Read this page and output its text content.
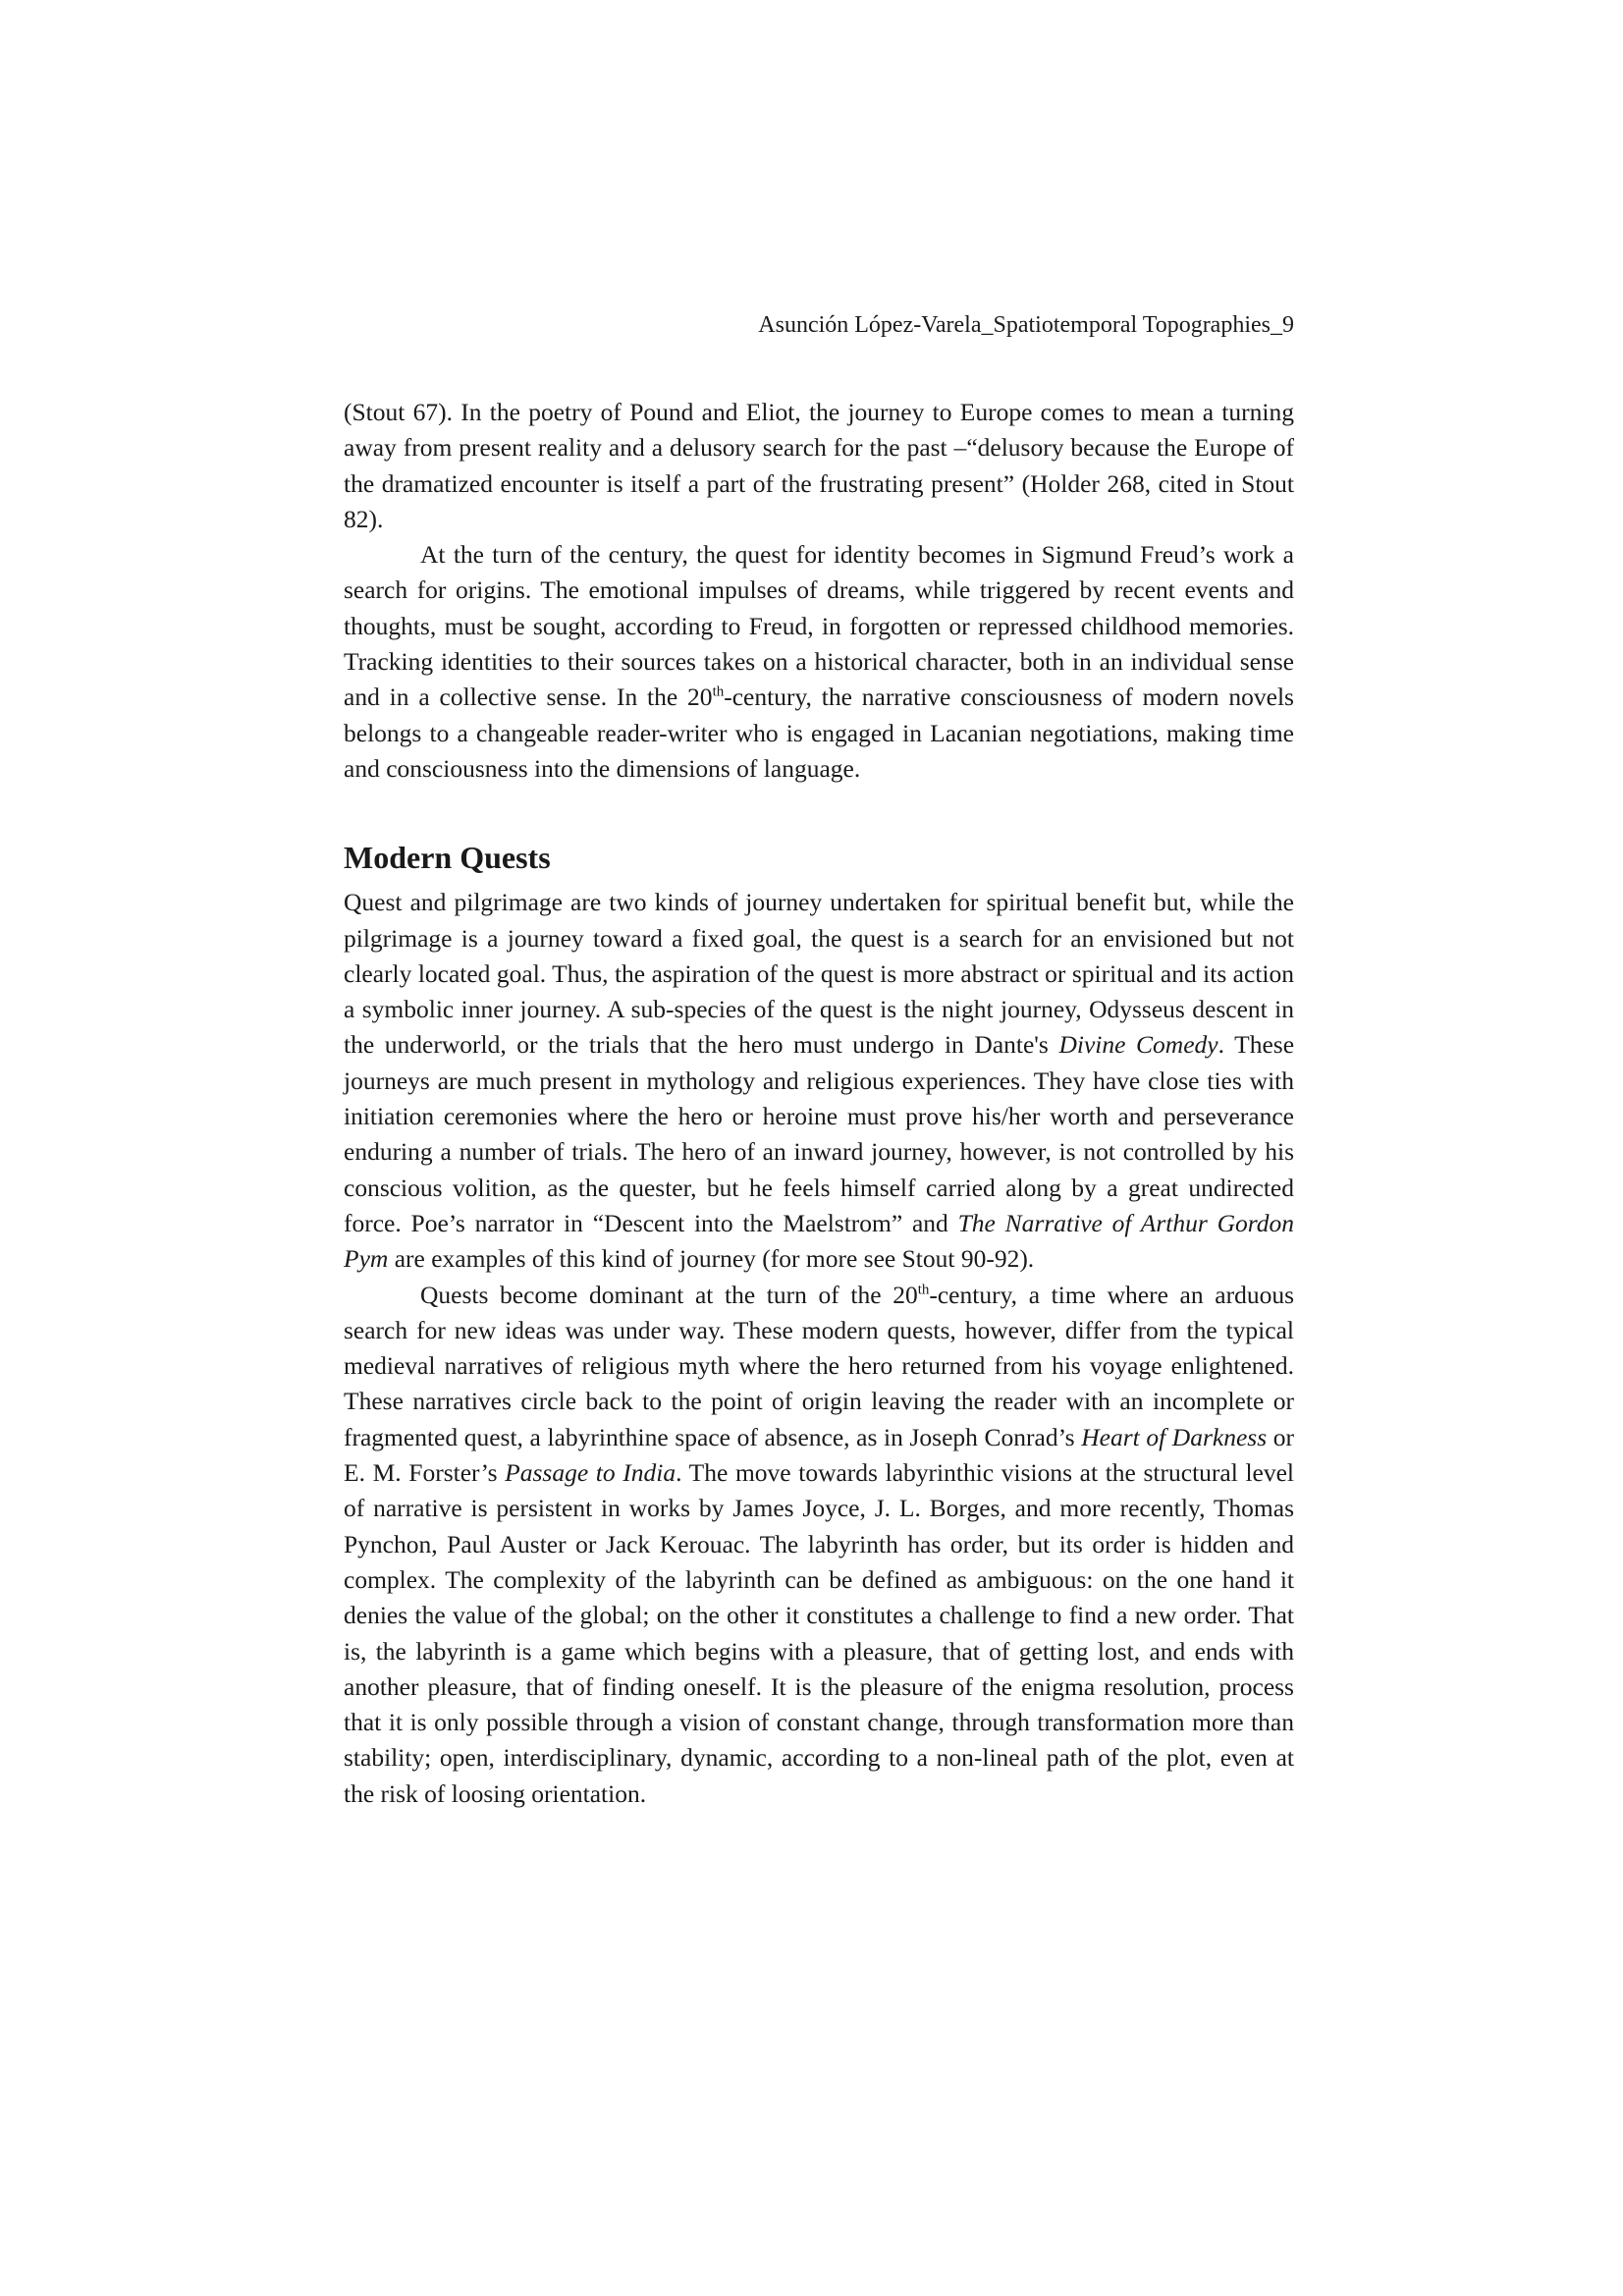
Asunción López-Varela_Spatiotemporal Topographies_9

(Stout 67). In the poetry of Pound and Eliot, the journey to Europe comes to mean a turning away from present reality and a delusory search for the past –“delusory because the Europe of the dramatized encounter is itself a part of the frustrating present” (Holder 268, cited in Stout 82).

At the turn of the century, the quest for identity becomes in Sigmund Freud’s work a search for origins. The emotional impulses of dreams, while triggered by recent events and thoughts, must be sought, according to Freud, in forgotten or repressed childhood memories. Tracking identities to their sources takes on a historical character, both in an individual sense and in a collective sense. In the 20th-century, the narrative consciousness of modern novels belongs to a changeable reader-writer who is engaged in Lacanian negotiations, making time and consciousness into the dimensions of language.

Modern Quests

Quest and pilgrimage are two kinds of journey undertaken for spiritual benefit but, while the pilgrimage is a journey toward a fixed goal, the quest is a search for an envisioned but not clearly located goal. Thus, the aspiration of the quest is more abstract or spiritual and its action a symbolic inner journey. A sub-species of the quest is the night journey, Odysseus descent in the underworld, or the trials that the hero must undergo in Dante's Divine Comedy. These journeys are much present in mythology and religious experiences. They have close ties with initiation ceremonies where the hero or heroine must prove his/her worth and perseverance enduring a number of trials. The hero of an inward journey, however, is not controlled by his conscious volition, as the quester, but he feels himself carried along by a great undirected force. Poe’s narrator in “Descent into the Maelstrom” and The Narrative of Arthur Gordon Pym are examples of this kind of journey (for more see Stout 90-92).

Quests become dominant at the turn of the 20th-century, a time where an arduous search for new ideas was under way. These modern quests, however, differ from the typical medieval narratives of religious myth where the hero returned from his voyage enlightened. These narratives circle back to the point of origin leaving the reader with an incomplete or fragmented quest, a labyrinthine space of absence, as in Joseph Conrad’s Heart of Darkness or E. M. Forster’s Passage to India. The move towards labyrinthic visions at the structural level of narrative is persistent in works by James Joyce, J. L. Borges, and more recently, Thomas Pynchon, Paul Auster or Jack Kerouac. The labyrinth has order, but its order is hidden and complex. The complexity of the labyrinth can be defined as ambiguous: on the one hand it denies the value of the global; on the other it constitutes a challenge to find a new order. That is, the labyrinth is a game which begins with a pleasure, that of getting lost, and ends with another pleasure, that of finding oneself. It is the pleasure of the enigma resolution, process that it is only possible through a vision of constant change, through transformation more than stability; open, interdisciplinary, dynamic, according to a non-lineal path of the plot, even at the risk of loosing orientation.
